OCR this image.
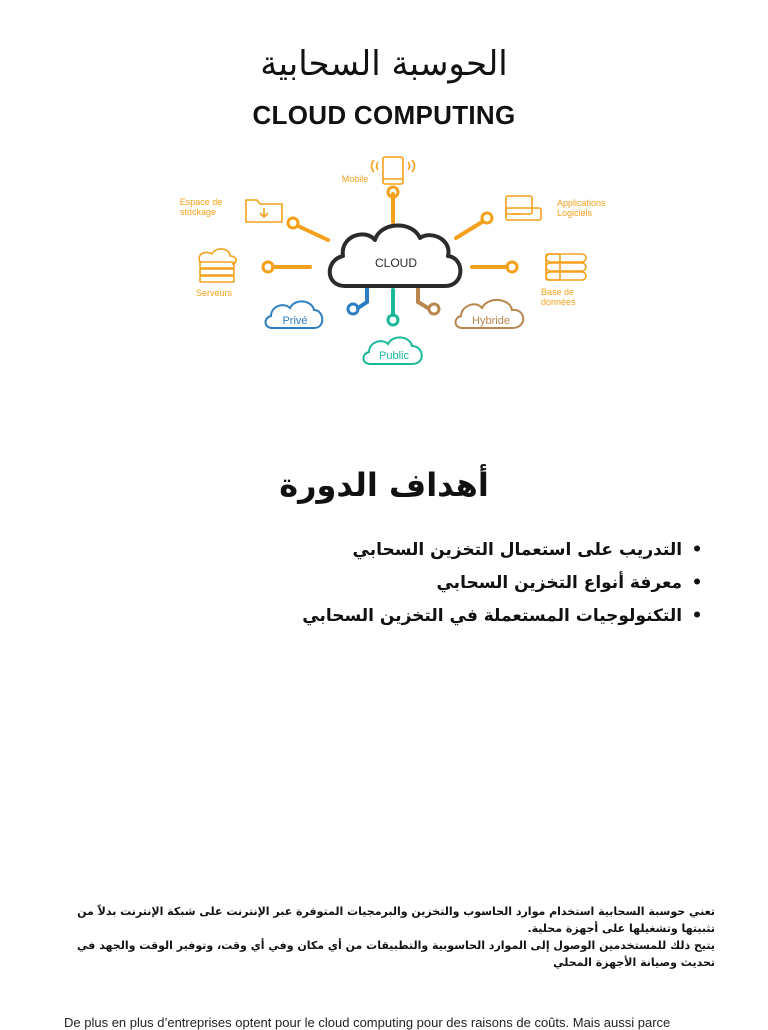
الحوسبة السحابية
CLOUD COMPUTING
CLOUD
Mobile
Espace de
stockage
Applications
Logiciels
Serveurs	Base de
données
Privé	Hybride
Public
أهداف الدورة
• التدريب على استعمال التخزين السحابي
• معرفة أنواع التخزين السحابي
• التكنولوجيات المستعملة في التخزين السحابي

تعني حوسبة السحابية استخدام موارد الحاسوب والتخزين والبرمجيات المتوفرة عبر الإنترنت على شبكة الإنترنت بدلاً من تثبيتها وتشغيلها على أجهزة محلية.

يتيح ذلك للمستخدمين الوصول إلى الموارد الحاسوبية والتطبيقات من أي مكان وفي أي وقت، وتوفير الوقت والجهد في تحديث وصيانة الأجهزة المحلي

De plus en plus d’entreprises optent pour le cloud computing pour des raisons de coûts. Mais aussi parce
